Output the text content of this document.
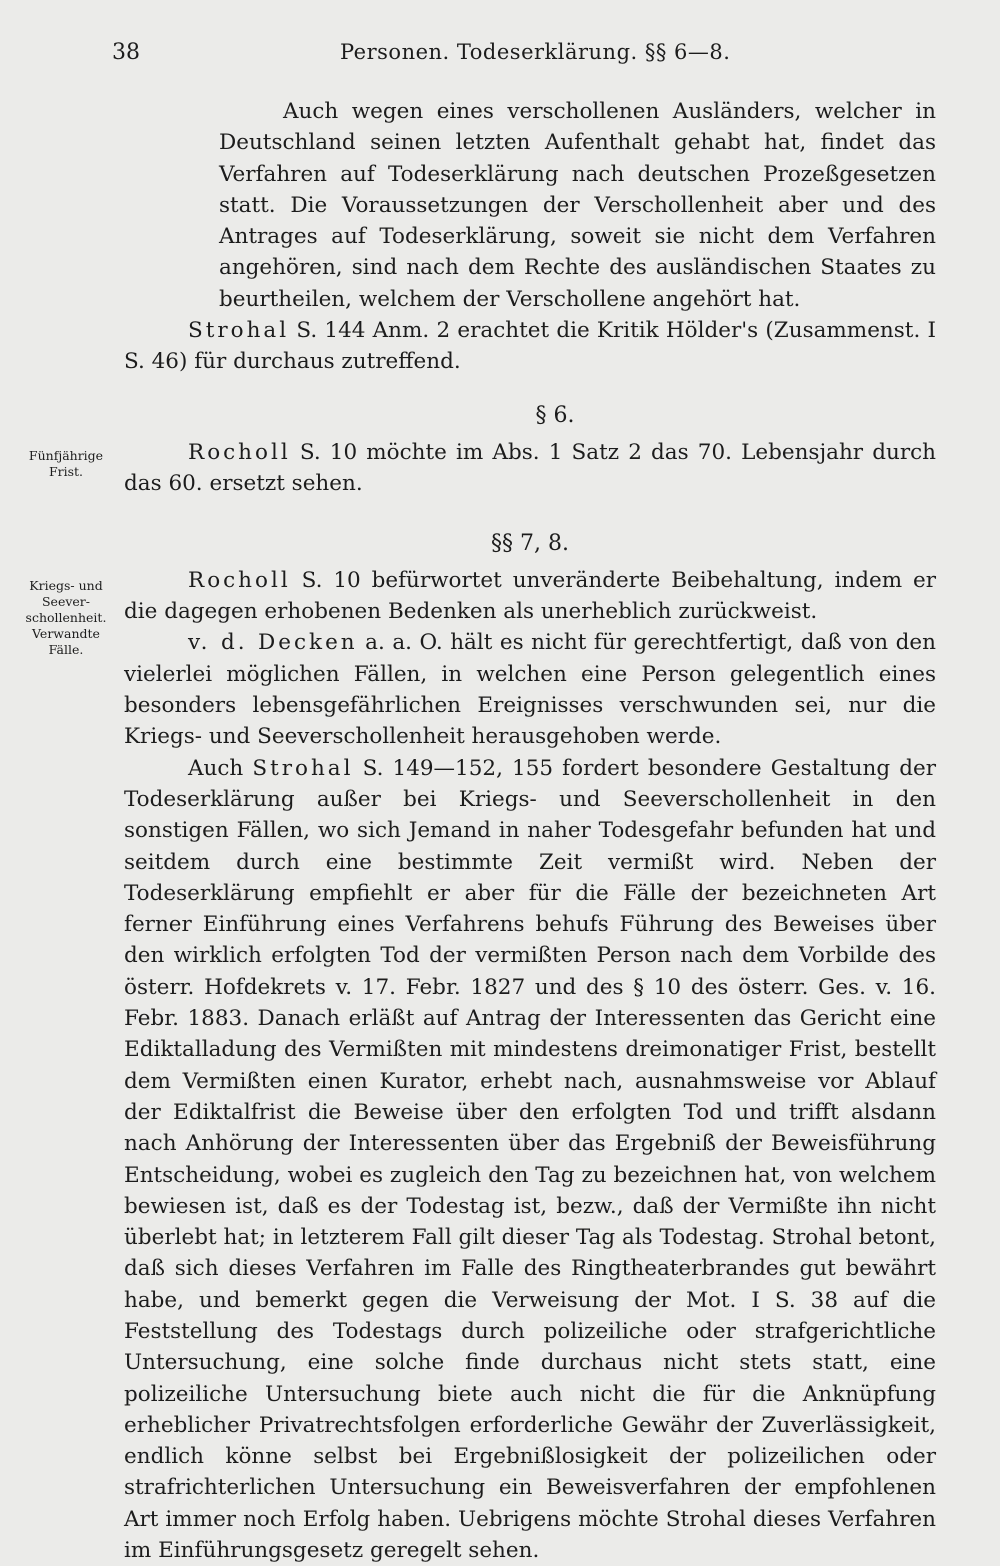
38	Personen. Todeserklärung. §§ 6—8.
Fünfjährige Frist.
Kriegs- und Seever- schollenheit. Verwandte Fälle.

Auch wegen eines verschollenen Ausländers, welcher in Deutschland seinen letzten Aufenthalt gehabt hat, findet das Verfahren auf Todeserklärung nach deutschen Prozeßgesetzen statt. Die Voraussetzungen der Verschollenheit aber und des Antrages auf Todeserklärung, soweit sie nicht dem Verfahren angehören, sind nach dem Rechte des ausländischen Staates zu beurtheilen, welchem der Verschollene angehört hat.

Strohal S. 144 Anm. 2 erachtet die Kritik Hölder's (Zusammenst. I S. 46) für durchaus zutreffend.

§ 6.

Rocholl S. 10 möchte im Abs. 1 Satz 2 das 70. Lebensjahr durch das 60. ersetzt sehen.

§§ 7, 8.

Rocholl S. 10 befürwortet unveränderte Beibehaltung, indem er die dagegen erhobenen Bedenken als unerheblich zurückweist.

v. d. Decken a. a. O. hält es nicht für gerechtfertigt, daß von den vielerlei möglichen Fällen, in welchen eine Person gelegentlich eines besonders lebensgefährlichen Ereignisses verschwunden sei, nur die Kriegs- und Seeverschollenheit herausgehoben werde.

Auch Strohal S. 149—152, 155 fordert besondere Gestaltung der Todeserklärung außer bei Kriegs- und Seeverschollenheit in den sonstigen Fällen, wo sich Jemand in naher Todesgefahr befunden hat und seitdem durch eine bestimmte Zeit vermißt wird. Neben der Todeserklärung empfiehlt er aber für die Fälle der bezeichneten Art ferner Einführung eines Verfahrens behufs Führung des Beweises über den wirklich erfolgten Tod der vermißten Person nach dem Vorbilde des österr. Hofdekrets v. 17. Febr. 1827 und des § 10 des österr. Ges. v. 16. Febr. 1883. Danach erläßt auf Antrag der Interessenten das Gericht eine Ediktalladung des Vermißten mit mindestens dreimonatiger Frist, bestellt dem Vermißten einen Kurator, erhebt nach, ausnahmsweise vor Ablauf der Ediktalfrist die Beweise über den erfolgten Tod und trifft alsdann nach Anhörung der Interessenten über das Ergebniß der Beweisführung Entscheidung, wobei es zugleich den Tag zu bezeichnen hat, von welchem bewiesen ist, daß es der Todestag ist, bezw., daß der Vermißte ihn nicht überlebt hat; in letzterem Fall gilt dieser Tag als Todestag. Strohal betont, daß sich dieses Verfahren im Falle des Ringtheaterbrandes gut bewährt habe, und bemerkt gegen die Verweisung der Mot. I S. 38 auf die Feststellung des Todestags durch polizeiliche oder strafgerichtliche Untersuchung, eine solche finde durchaus nicht stets statt, eine polizeiliche Untersuchung biete auch nicht die für die Anknüpfung erheblicher Privatrechtsfolgen erforderliche Gewähr der Zuverlässigkeit, endlich könne selbst bei Ergebnißlosigkeit der polizeilichen oder strafrichterlichen Untersuchung ein Beweisverfahren der empfohlenen Art immer noch Erfolg haben. Uebrigens möchte Strohal dieses Verfahren im Einführungsgesetz geregelt sehen.
